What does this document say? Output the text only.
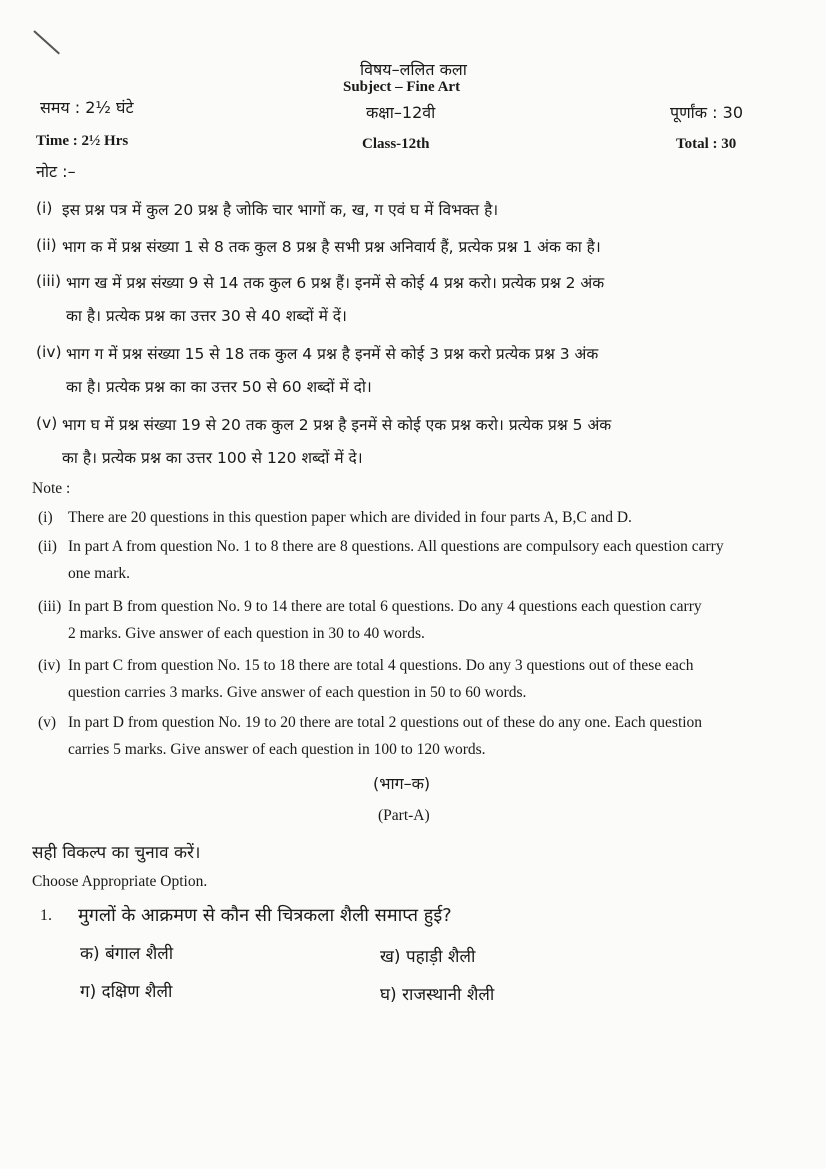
विषय–ललित कला
Subject – Fine Art
समय : 2½ घंटे	कक्षा–12वी	पूर्णांक : 30
Time : 2½ Hrs	Class-12th	Total : 30
नोट :–
(i) इस प्रश्न पत्र में कुल 20 प्रश्न है जोकि चार भागों क, ख, ग एवं घ में विभक्त है।
(ii) भाग क में प्रश्न संख्या 1 से 8 तक कुल 8 प्रश्न है सभी प्रश्न अनिवार्य हैं, प्रत्येक प्रश्न 1 अंक का है।
(iii) भाग ख में प्रश्न संख्या 9 से 14 तक कुल 6 प्रश्न हैं। इनमें से कोई 4 प्रश्न करो। प्रत्येक प्रश्न 2 अंक
का है। प्रत्येक प्रश्न का उत्तर 30 से 40 शब्दों में दें।
(iv) भाग ग में प्रश्न संख्या 15 से 18 तक कुल 4 प्रश्न है इनमें से कोई 3 प्रश्न करो प्रत्येक प्रश्न 3 अंक
का है। प्रत्येक प्रश्न का का उत्तर 50 से 60 शब्दों में दो।
(v) भाग घ में प्रश्न संख्या 19 से 20 तक कुल 2 प्रश्न है इनमें से कोई एक प्रश्न करो। प्रत्येक प्रश्न 5 अंक
का है। प्रत्येक प्रश्न का उत्तर 100 से 120 शब्दों में दे।
Note :
(i) There are 20 questions in this question paper which are divided in four parts A, B,C and D.
(ii) In part A from question No. 1 to 8 there are 8 questions. All questions are compulsory each question carry
one mark.
(iii) In part B from question No. 9 to 14 there are total 6 questions. Do any 4 questions each question carry
2 marks. Give answer of each question in 30 to 40 words.
(iv) In part C from question No. 15 to 18 there are total 4 questions. Do any 3 questions out of these each
question carries 3 marks. Give answer of each question in 50 to 60 words.
(v) In part D from question No. 19 to 20 there are total 2 questions out of these do any one. Each question
carries 5 marks. Give answer of each question in 100 to 120 words.
(भाग–क)
(Part-A)
सही विकल्प का चुनाव करें।
Choose Appropriate Option.
1. मुगलों के आक्रमण से कौन सी चित्रकला शैली समाप्त हुई?
क) बंगाल शैली	ख) पहाड़ी शैली
ग) दक्षिण शैली	घ) राजस्थानी शैली
